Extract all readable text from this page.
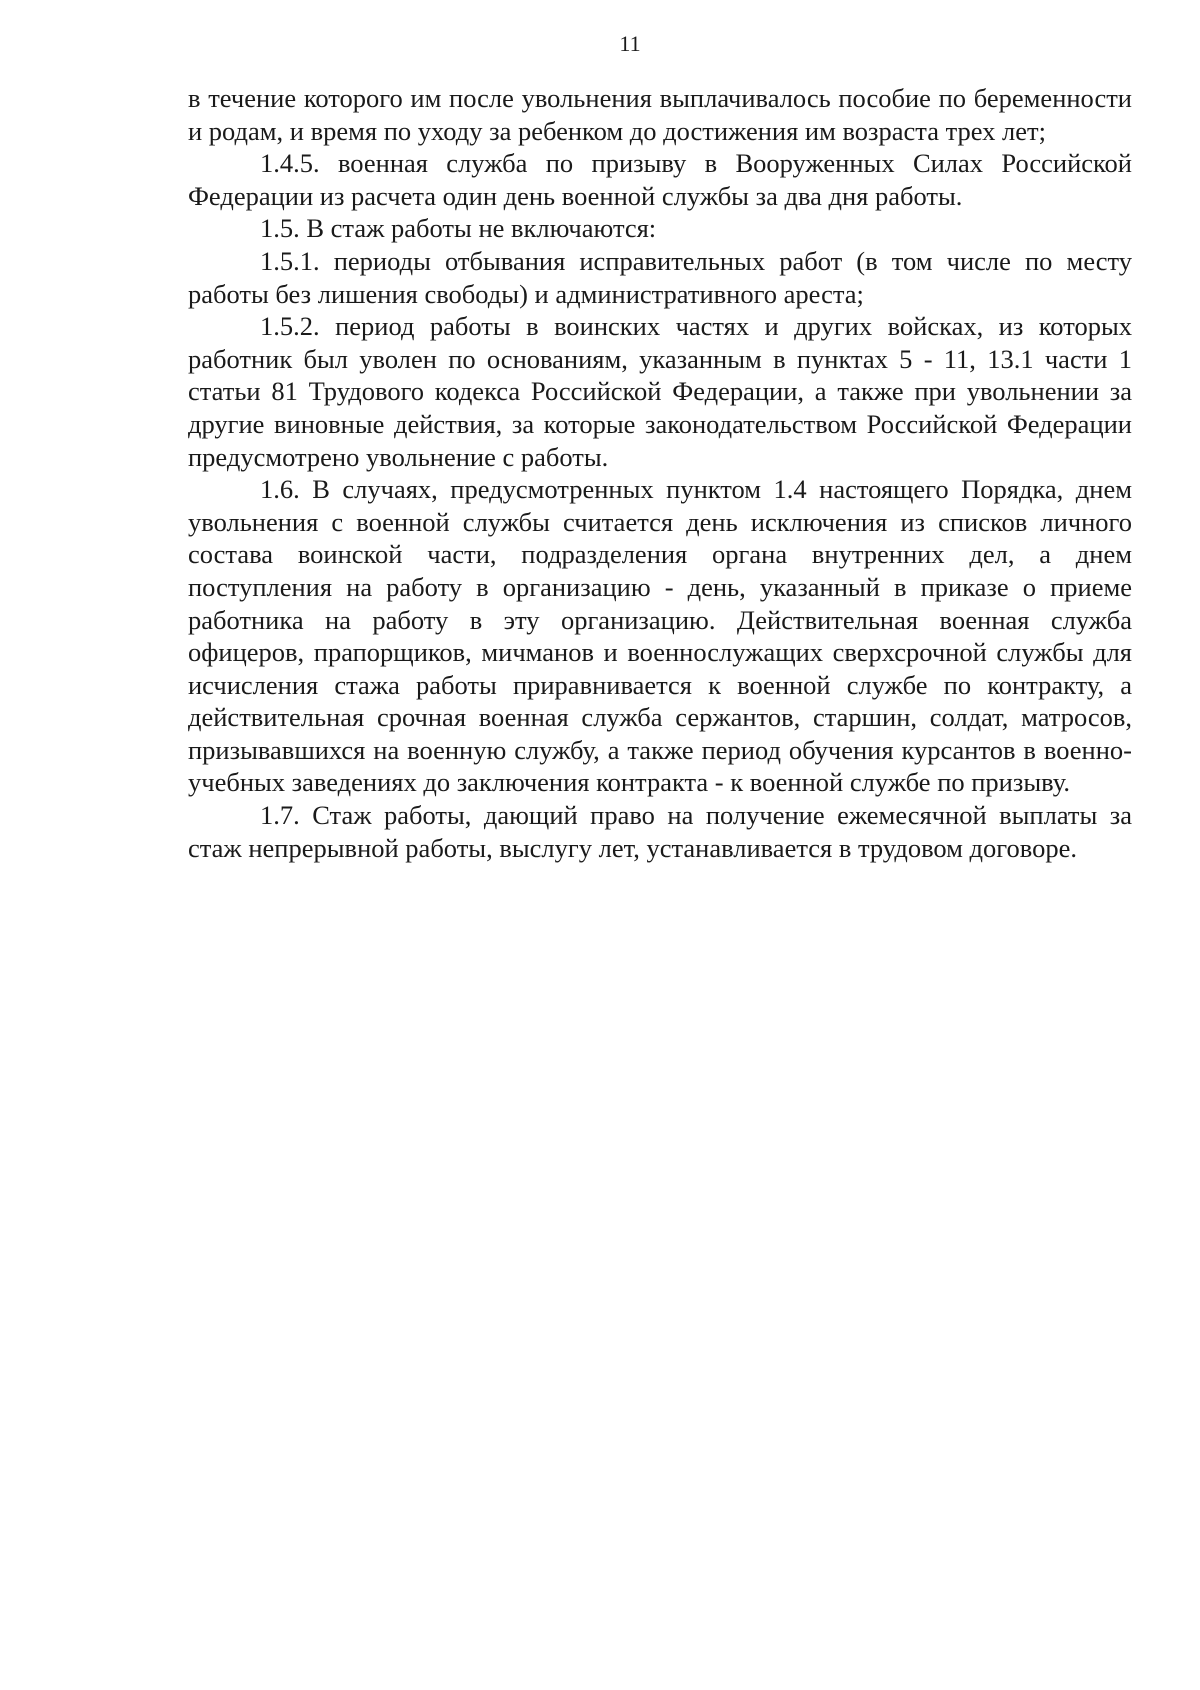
11

в течение которого им после увольнения выплачивалось пособие по беременности и родам, и время по уходу за ребенком до достижения им возраста трех лет;

1.4.5. военная служба по призыву в Вооруженных Силах Российской Федерации из расчета один день военной службы за два дня работы.

1.5. В стаж работы не включаются:

1.5.1. периоды отбывания исправительных работ (в том числе по месту работы без лишения свободы) и административного ареста;

1.5.2. период работы в воинских частях и других войсках, из которых работник был уволен по основаниям, указанным в пунктах 5 - 11, 13.1 части 1 статьи 81 Трудового кодекса Российской Федерации, а также при увольнении за другие виновные действия, за которые законодательством Российской Федерации предусмотрено увольнение с работы.

1.6. В случаях, предусмотренных пунктом 1.4 настоящего Порядка, днем увольнения с военной службы считается день исключения из списков личного состава воинской части, подразделения органа внутренних дел, а днем поступления на работу в организацию - день, указанный в приказе о приеме работника на работу в эту организацию. Действительная военная служба офицеров, прапорщиков, мичманов и военнослужащих сверхсрочной службы для исчисления стажа работы приравнивается к военной службе по контракту, а действительная срочная военная служба сержантов, старшин, солдат, матросов, призывавшихся на военную службу, а также период обучения курсантов в военно-учебных заведениях до заключения контракта - к военной службе по призыву.

1.7. Стаж работы, дающий право на получение ежемесячной выплаты за стаж непрерывной работы, выслугу лет, устанавливается в трудовом договоре.
